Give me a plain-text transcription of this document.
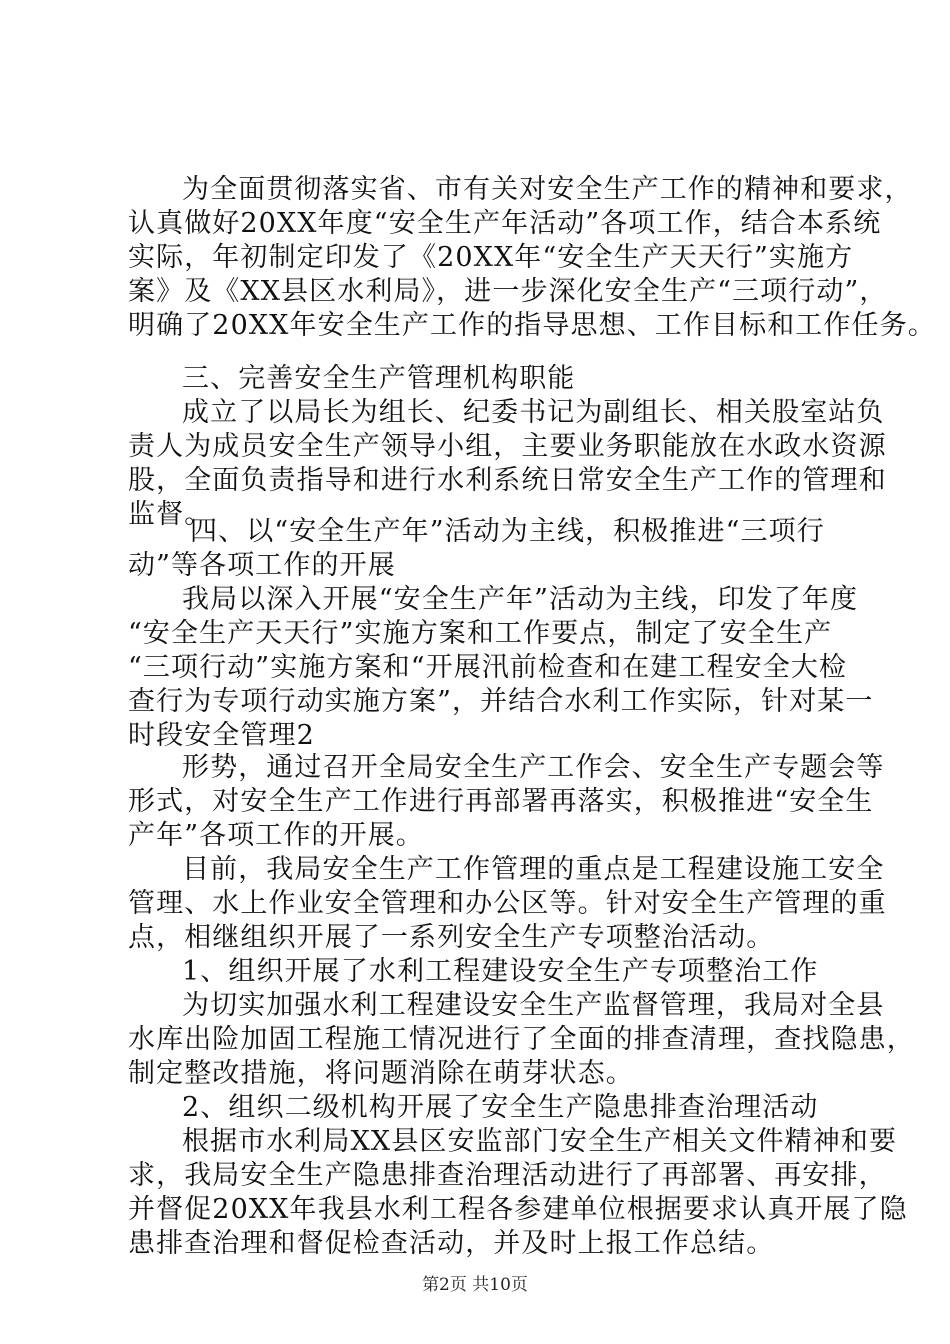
为全面贯彻落实省、市有关对安全生产工作的精神和要求，

认真做好20XX年度“安全生产年活动”各项工作，结合本系统

实际，年初制定印发了《20XX年“安全生产天天行”实施方

案》及《XX县区水利局》，进一步深化安全生产“三项行动”，

明确了20XX年安全生产工作的指导思想、工作目标和工作任务。

三、完善安全生产管理机构职能

成立了以局长为组长、纪委书记为副组长、相关股室站负

责人为成员安全生产领导小组，主要业务职能放在水政水资源

股，全面负责指导和进行水利系统日常安全生产工作的管理和

监督。

四、以“安全生产年”活动为主线，积极推进“三项行

动”等各项工作的开展

我局以深入开展“安全生产年”活动为主线，印发了年度

“安全生产天天行”实施方案和工作要点，制定了安全生产

“三项行动”实施方案和“开展汛前检查和在建工程安全大检

查行为专项行动实施方案”，并结合水利工作实际，针对某一

时段安全管理2

形势，通过召开全局安全生产工作会、安全生产专题会等

形式，对安全生产工作进行再部署再落实，积极推进“安全生

产年”各项工作的开展。

目前，我局安全生产工作管理的重点是工程建设施工安全

管理、水上作业安全管理和办公区等。针对安全生产管理的重

点，相继组织开展了一系列安全生产专项整治活动。

1、组织开展了水利工程建设安全生产专项整治工作

为切实加强水利工程建设安全生产监督管理，我局对全县

水库出险加固工程施工情况进行了全面的排查清理，查找隐患，

制定整改措施，将问题消除在萌芽状态。

2、组织二级机构开展了安全生产隐患排查治理活动

根据市水利局XX县区安监部门安全生产相关文件精神和要

求，我局安全生产隐患排查治理活动进行了再部署、再安排，

并督促20XX年我县水利工程各参建单位根据要求认真开展了隐

患排查治理和督促检查活动，并及时上报工作总结。

第2页 共10页
